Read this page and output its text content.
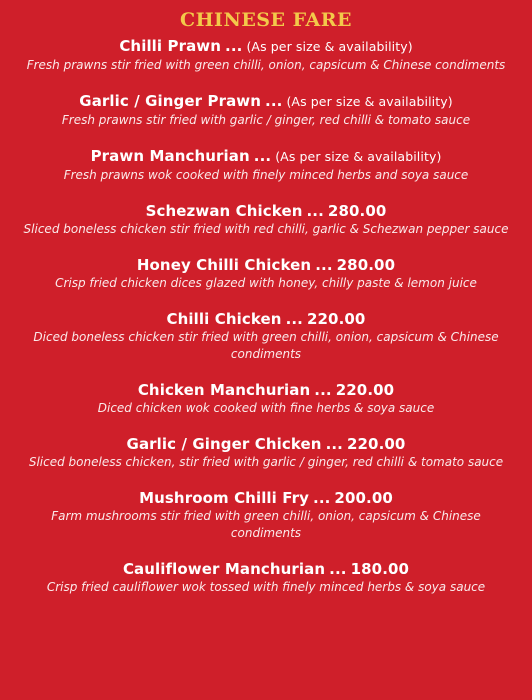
CHINESE FARE
Chilli Prawn ... (As per size & availability)
Fresh prawns stir fried with green chilli, onion, capsicum & Chinese condiments
Garlic / Ginger Prawn ... (As per size & availability)
Fresh prawns stir fried with garlic / ginger, red chilli & tomato sauce
Prawn Manchurian ... (As per size & availability)
Fresh prawns wok cooked with finely minced herbs and soya sauce
Schezwan Chicken ... 280.00
Sliced boneless chicken stir fried with red chilli, garlic & Schezwan pepper sauce
Honey Chilli Chicken ... 280.00
Crisp fried chicken dices glazed with honey, chilly paste & lemon juice
Chilli Chicken ... 220.00
Diced boneless chicken stir fried with green chilli, onion, capsicum & Chinese condiments
Chicken Manchurian ... 220.00
Diced chicken wok cooked with fine herbs & soya sauce
Garlic / Ginger Chicken ... 220.00
Sliced boneless chicken, stir fried with garlic / ginger, red chilli & tomato sauce
Mushroom Chilli Fry ... 200.00
Farm mushrooms stir fried with green chilli, onion, capsicum & Chinese condiments
Cauliflower Manchurian ... 180.00
Crisp fried cauliflower wok tossed with finely minced herbs & soya sauce
